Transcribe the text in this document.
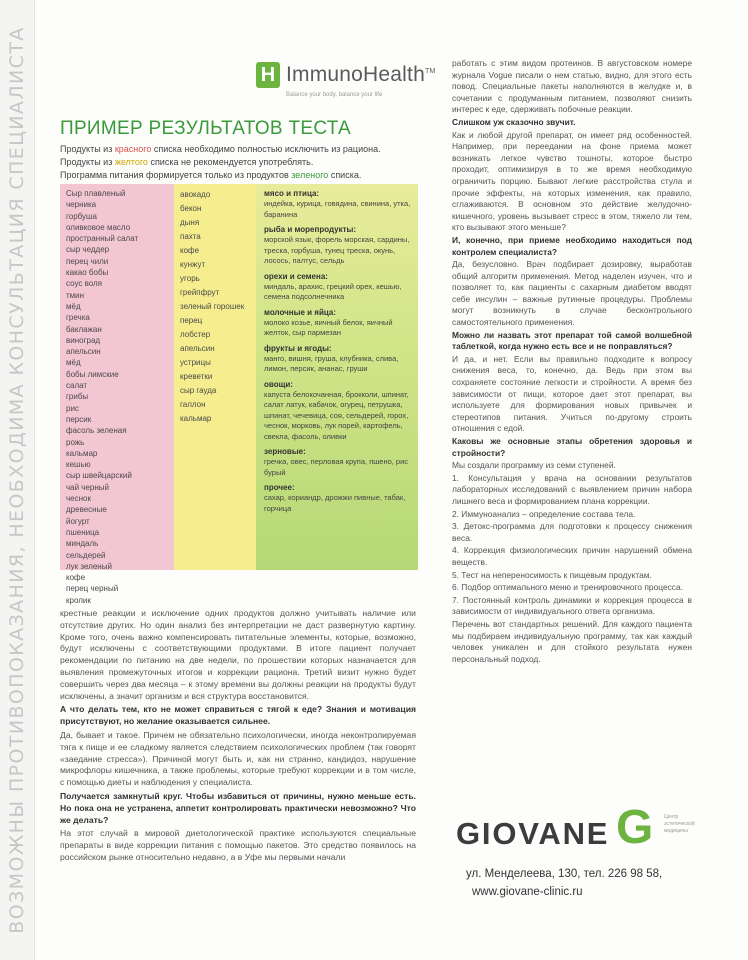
ВОЗМОЖНЫ ПРОТИВОПОКАЗАНИЯ, НЕОБХОДИМА КОНСУЛЬТАЦИЯ СПЕЦИАЛИСТА	H ImmunoHealth™
Balance your body, balance your life
ПРИМЕР РЕЗУЛЬТАТОВ ТЕСТА
Продукты из красного списка необходимо полностью исключить из рациона.
Продукты из желтого списка не рекомендуется употреблять.
Программа питания формируется только из продуктов зеленого списка.
Сыр плавленый
черника
горбуша
оливковое масло
пространный салат
сыр чеддер
перец чили
какао бобы
соус воля
тмин
мёд
гречка
баклажан
виноград
апельсин
мёд
бобы лимские
салат
грибы
рис
персик
фасоль зеленая
рожь
кальмар
кешью
сыр швейцарский
чай черный
чеснок
древесные
йогурт
пшеница
миндаль
сельдерей
лук зеленый
кофе
перец черный
кролик
авокадо
бекон
дыня
пахта
кофе
кунжут
угорь
грейпфрут
зеленый горошек
перец
лобстер
апельсин
устрицы
креветки
сыр гауда
галлон
кальмар
мясо и птица:
индейка, курица, говядина, свинина, утка, баранина
рыба и морепродукты:
морской язык, форель морская, сардины, треска, горбуша, тунец треска, окунь, лосось, палтус, сельдь
орехи и семена:
миндаль, арахис, грецкий орех, кешью, семена подсолнечника
молочные и яйца:
молоко козье, яичный белок, яичный желток, сыр пармезан
фрукты и ягоды:
манго, вишня, груша, клубника, слива, лимон, персик, ананас, груши
овощи:
капуста белокочанная, брокколи, шпинат, салат латук, кабачок, огурец, петрушка, шпинат, чечевица, соя, сельдерей, горох, чеснок, морковь, лук порей, картофель, свекла, фасоль, оливки
зерновые:
гречка, овес, перловая крупа, пшено, рис бурый
прочее:
сахар, кориандр, дрожжи пивные, табак, горчица

крестные реакции и исключение одних продуктов должно учитывать наличие или отсутствие других. Но один анализ без интерпретации не даст развернутую картину. Кроме того, очень важно компенсировать питательные элементы, которые, возможно, будут исключены с соответствующими продуктами. В итоге пациент получает рекомендации по питанию на две недели, по прошествии которых назначается для выявления промежуточных итогов и коррекции рациона. Третий визит нужно будет совершить через два месяца – к этому времени вы должны реакции на продукты будут исключены, а значит организм и вся структура восстановится.

А что делать тем, кто не может справиться с тягой к еде? Знания и мотивация присутствуют, но желание оказывается сильнее.

Да, бывает и такое. Причем не обязательно психологически, иногда неконтролируемая тяга к пище и ее сладкому является следствием психологических проблем (так говорят «заедание стресса»). Причиной могут быть и, как ни странно, кандидоз, нарушение микрофлоры кишечника, а также проблемы, которые требуют коррекции и в том числе, с помощью диеты и наблюдения у специалиста.

Получается замкнутый круг. Чтобы избавиться от причины, нужно меньше есть. Но пока она не устранена, аппетит контролировать практически невозможно? Что же делать?

На этот случай в мировой диетологической практике используются специальные препараты в виде коррекции питания с помощью пакетов. Это средство появилось на российском рынке относительно недавно, а в Уфе мы первыми начали

работать с этим видом протеинов. В августовском номере журнала Vogue писали о нем статью, видно, для этого есть повод. Специальные пакеты наполняются в желудке и, в сочетании с продуманным питанием, позволяют снизить интерес к еде, сдерживать побочные реакции.

Слишком уж сказочно звучит.

Как и любой другой препарат, он имеет ряд особенностей. Например, при переедании на фоне приема может возникать легкое чувство тошноты, которое быстро проходит, оптимизируя в то же время необходимую ограничить порцию. Бывают легкие расстройства стула и прочие эффекты, на которых изменения, как правило, сглаживаются. В основном это действие желудочно-кишечного, уровень вызывает стресс в этом, тяжело ли тем, кто вызывают этого меньше?

И, конечно, при приеме необходимо находиться под контролем специалиста?

Да, безусловно. Врач подбирает дозировку, выработав общий алгоритм применения. Метод наделен изучен, что и позволяет то, как пациенты с сахарным диабетом вводят себе инсулин – важные рутинные процедуры. Проблемы могут возникнуть в случае бесконтрольного самостоятельного применения.

Можно ли назвать этот препарат той самой волшебной таблеткой, когда нужно есть все и не поправляться?

И да, и нет. Если вы правильно подходите к вопросу снижения веса, то, конечно, да. Ведь при этом вы сохраняете состояние легкости и стройности. А время без зависимости от пищи, которое дает этот препарат, вы используете для формирования новых привычек и стереотипов питания. Учиться по-другому строить отношения с едой.

Каковы же основные этапы обретения здоровья и стройности?

Мы создали программу из семи ступеней.

1. Консультация у врача на основании результатов лабораторных исследований с выявлением причин набора лишнего веса и формированием плана коррекции.

2. Иммуноанализ – определение состава тела.

3. Детокс-программа для подготовки к процессу снижения веса.

4. Коррекция физиологических причин нарушений обмена веществ.

5. Тест на непереносимость к пищевым продуктам.

6. Подбор оптимального меню и тренировочного процесса.

7. Постоянный контроль динамики и коррекция процесса в зависимости от индивидуального ответа организма.

Перечень вот стандартных решений. Для каждого пациента мы подбираем индивидуальную программу, так как каждый человек уникален и для стойкого результата нужен персональный подход.

GIOVANE G Центр эстетической медицины
ул. Менделеева, 130, тел. 226 98 58,
www.giovane-clinic.ru
